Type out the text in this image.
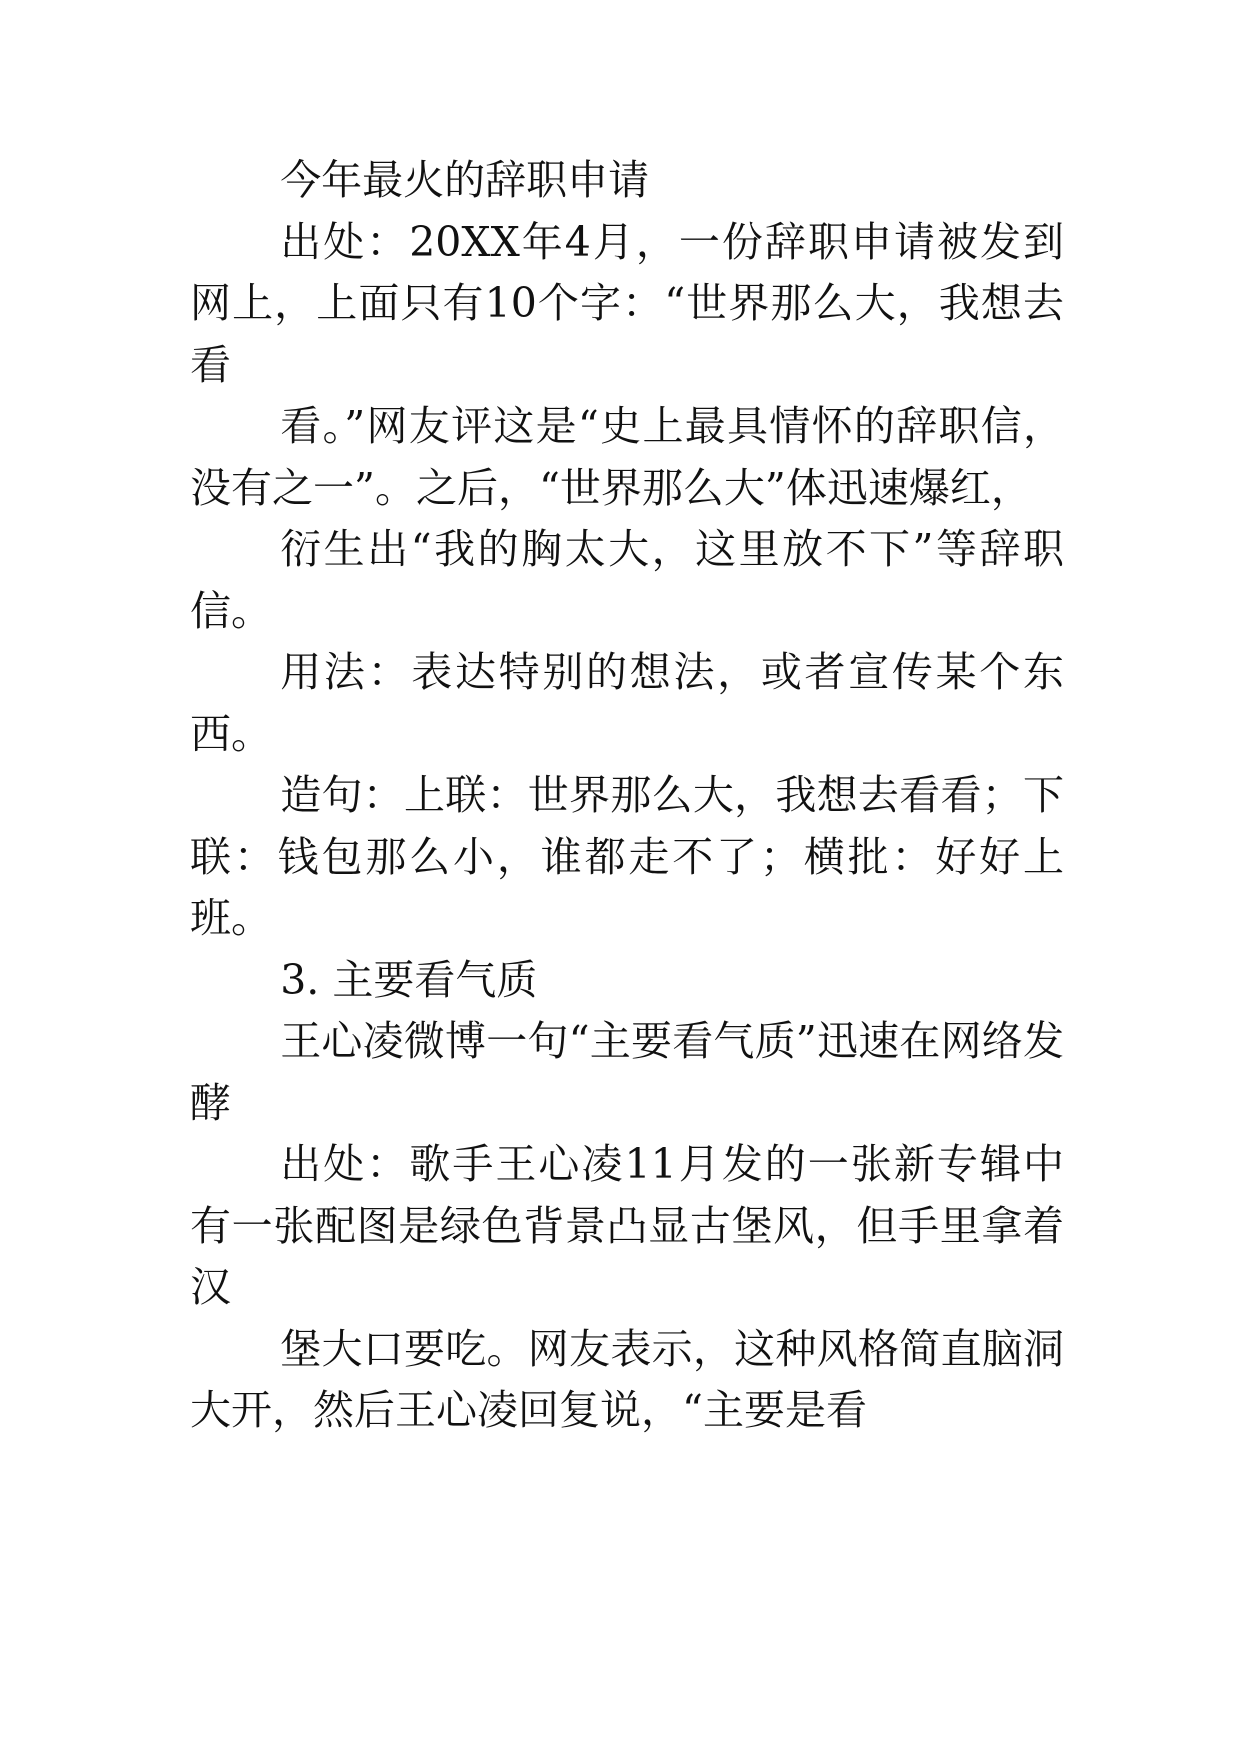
今年最火的辞职申请

出处：20XX年4月，一份辞职申请被发到网上，上面只有10个字：“世界那么大，我想去看

看。”网友评这是“史上最具情怀的辞职信，没有之一”。之后，“世界那么大”体迅速爆红，

衍生出“我的胸太大，这里放不下”等辞职信。

用法：表达特别的想法，或者宣传某个东西。

造句：上联：世界那么大，我想去看看；下联：钱包那么小，谁都走不了；横批：好好上班。

3. 主要看气质

王心凌微博一句“主要看气质”迅速在网络发酵

出处：歌手王心凌11月发的一张新专辑中有一张配图是绿色背景凸显古堡风，但手里拿着汉

堡大口要吃。网友表示，这种风格简直脑洞大开，然后王心凌回复说，“主要是看
